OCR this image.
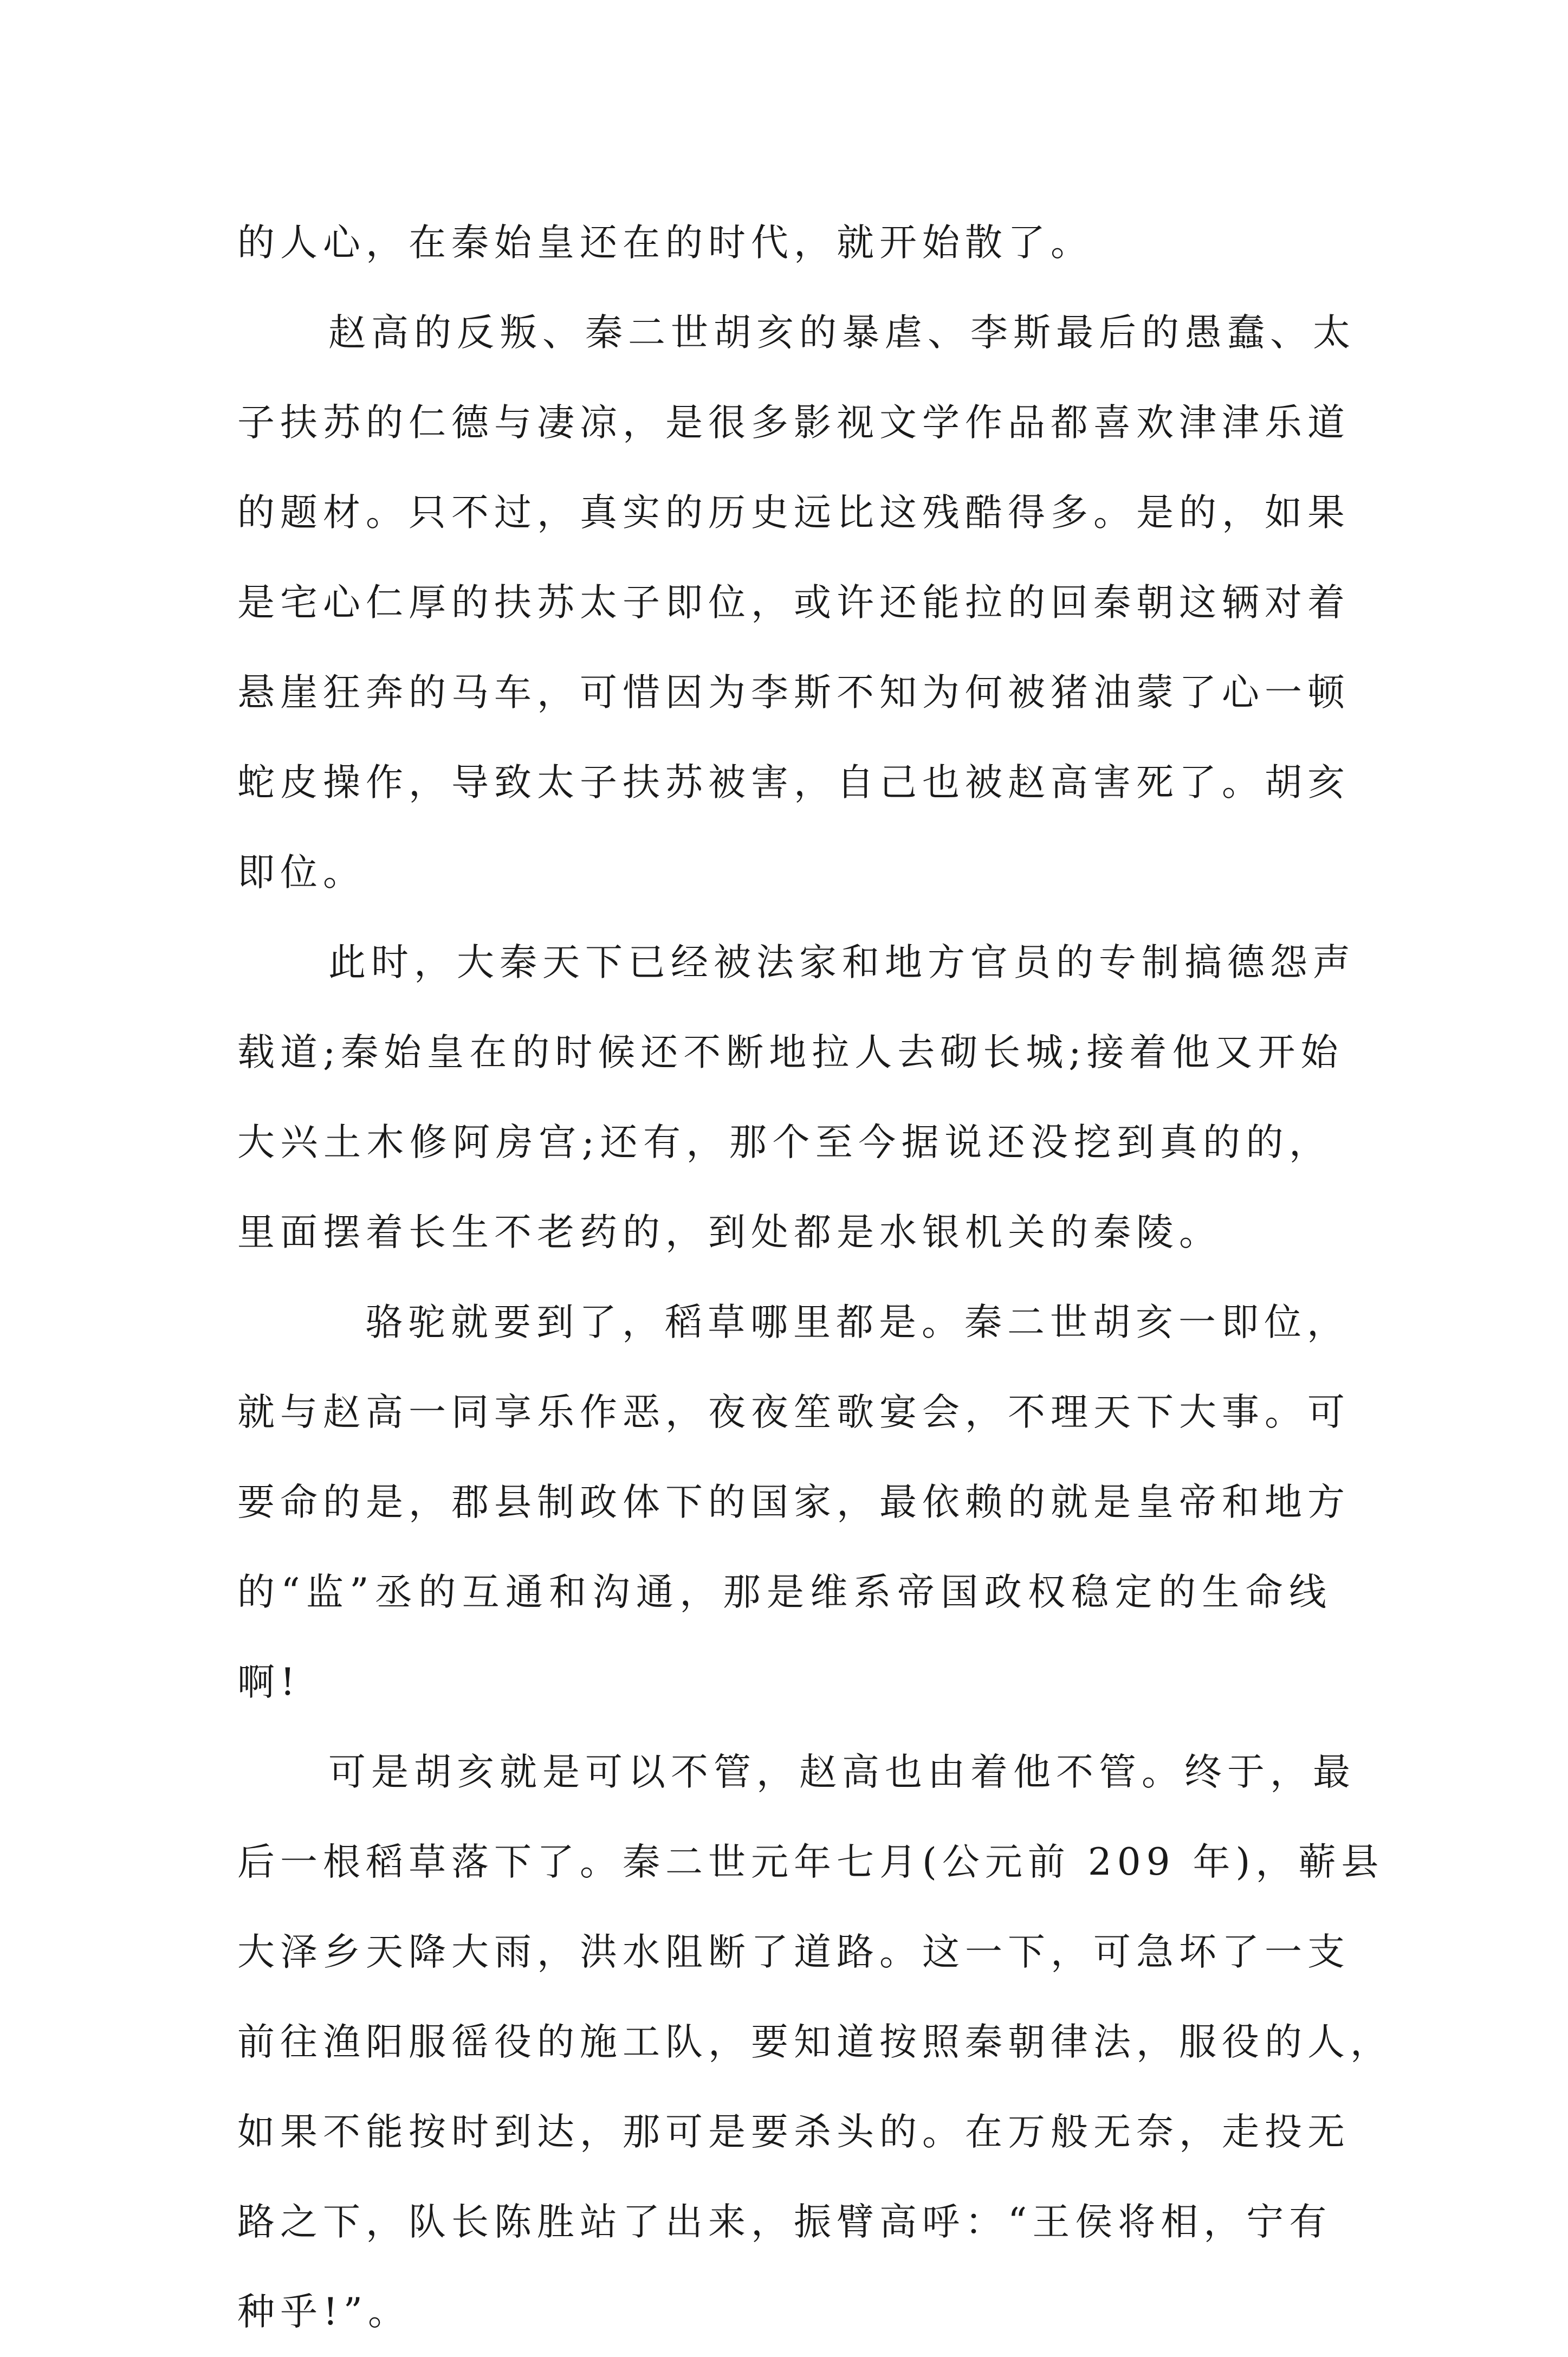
的人心，在秦始皇还在的时代，就开始散了。
赵高的反叛、秦二世胡亥的暴虐、李斯最后的愚蠢、太
子扶苏的仁德与凄凉，是很多影视文学作品都喜欢津津乐道
的题材。只不过，真实的历史远比这残酷得多。是的，如果
是宅心仁厚的扶苏太子即位，或许还能拉的回秦朝这辆对着
悬崖狂奔的马车，可惜因为李斯不知为何被猪油蒙了心一顿
蛇皮操作，导致太子扶苏被害，自己也被赵高害死了。胡亥
即位。
此时，大秦天下已经被法家和地方官员的专制搞德怨声
载道;秦始皇在的时候还不断地拉人去砌长城;接着他又开始
大兴土木修阿房宫;还有，那个至今据说还没挖到真的的，
里面摆着长生不老药的，到处都是水银机关的秦陵。
骆驼就要到了，稻草哪里都是。秦二世胡亥一即位，
就与赵高一同享乐作恶，夜夜笙歌宴会，不理天下大事。可
要命的是，郡县制政体下的国家，最依赖的就是皇帝和地方
的“监”丞的互通和沟通，那是维系帝国政权稳定的生命线
啊!
可是胡亥就是可以不管，赵高也由着他不管。终于，最
后一根稻草落下了。秦二世元年七月(公元前 209 年)，蕲县
大泽乡天降大雨，洪水阻断了道路。这一下，可急坏了一支
前往渔阳服徭役的施工队，要知道按照秦朝律法，服役的人，
如果不能按时到达，那可是要杀头的。在万般无奈，走投无
路之下，队长陈胜站了出来，振臂高呼：“王侯将相，宁有
种乎!”。
